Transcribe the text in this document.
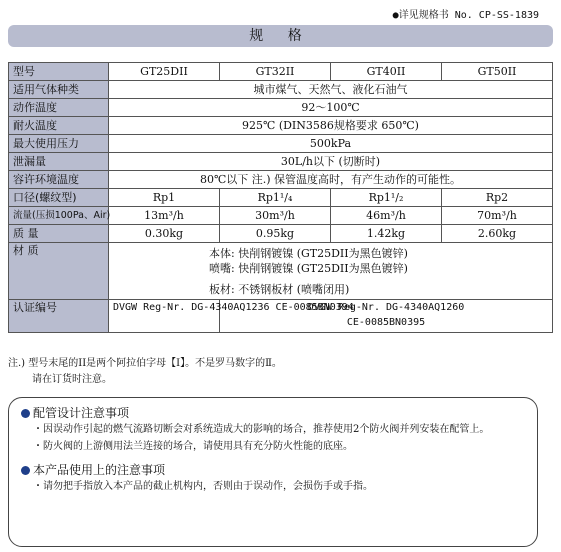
●详见规格书 No. CP-SS-1839
规 格
型号	GT25DII	GT32II	GT40II	GT50II
适用气体种类	城市煤气、天然气、液化石油气			
动作温度	92～100℃			
耐火温度	925℃ (DIN3586规格要求 650℃)			
最大使用压力	500kPa			
泄漏量	30L/h以下 (切断时)			
容许环境温度	80℃以下 注.) 保管温度高时，有产生动作的可能性。			
口径(螺纹型)	Rp1	Rp1¹/₄	Rp1¹/₂	Rp2
流量(压损100Pa、Air)	13m³/h	30m³/h	46m³/h	70m³/h
质 量	0.30kg	0.95kg	1.42kg	2.60kg
材 质	本体: 快削钢镀镍 (GT25DII为黑色镀锌)
喷嘴: 快削钢镀镍 (GT25DII为黑色镀锌)
板材: 不锈钢板材 (喷嘴闭用)			

认证编号	DVGW Reg-Nr. DG-4340AQ1236 CE-0085BN0394	DVGW Reg-Nr. DG-4340AQ1260
CE-0085BN0395		
注.) 型号末尾的II是两个阿拉伯字母【I】。不是罗马数字的Ⅱ。
请在订货时注意。
配管设计注意事项
・因误动作引起的燃气流路切断会对系统造成大的影响的场合，推荐使用2个防火阀并列安装在配管上。
・防火阀的上游侧用法兰连接的场合，请使用具有充分防火性能的底座。
本产品使用上的注意事项
・请勿把手指放入本产品的截止机构内，否则由于误动作，会损伤手或手指。
